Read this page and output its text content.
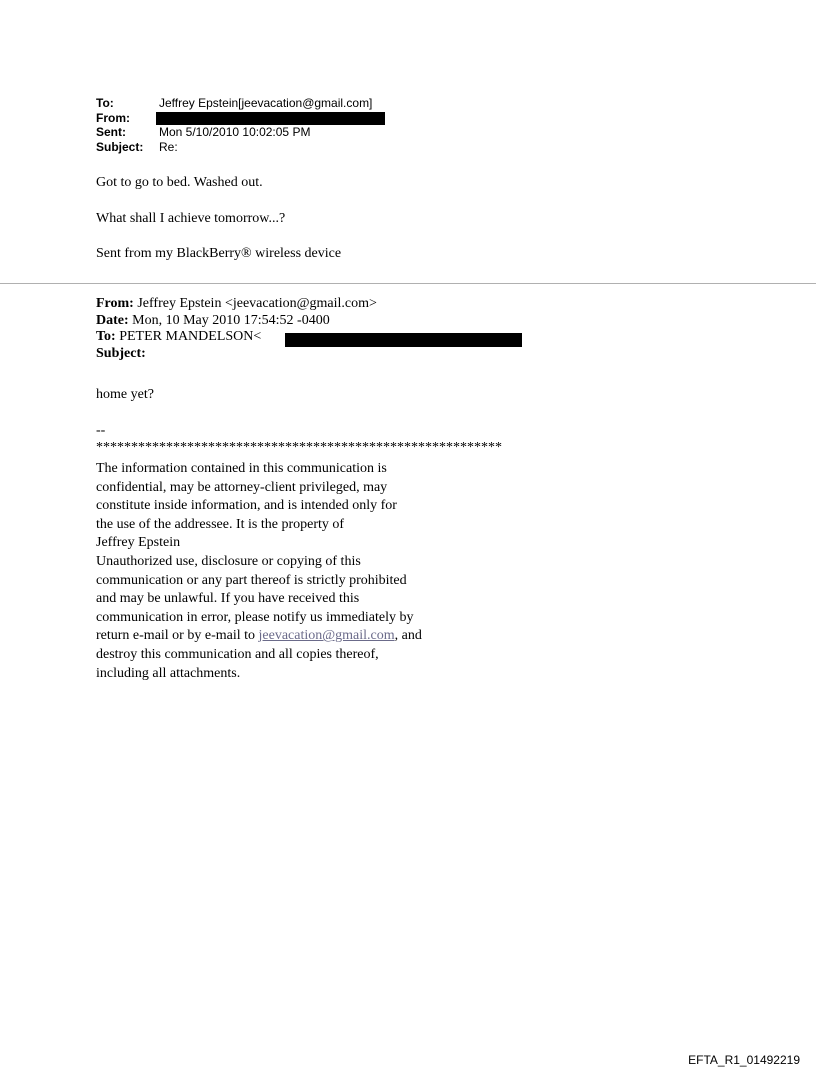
To:	Jeffrey Epstein[jeevacation@gmail.com]
From:
Sent:	Mon 5/10/2010 10:02:05 PM
Subject:	Re:
Got to go to bed. Washed out.
What shall I achieve tomorrow...?
Sent from my BlackBerry® wireless device
From: Jeffrey Epstein <jeevacation@gmail.com>
Date: Mon, 10 May 2010 17:54:52 -0400
To: PETER MANDELSON<
Subject:
home yet?
--
**********************************************************
The information contained in this communication is
confidential, may be attorney-client privileged, may
constitute inside information, and is intended only for
the use of the addressee. It is the property of
Jeffrey Epstein
Unauthorized use, disclosure or copying of this
communication or any part thereof is strictly prohibited
and may be unlawful. If you have received this
communication in error, please notify us immediately by
return e-mail or by e-mail to jeevacation@gmail.com, and
destroy this communication and all copies thereof,
including all attachments.
EFTA_R1_01492219
